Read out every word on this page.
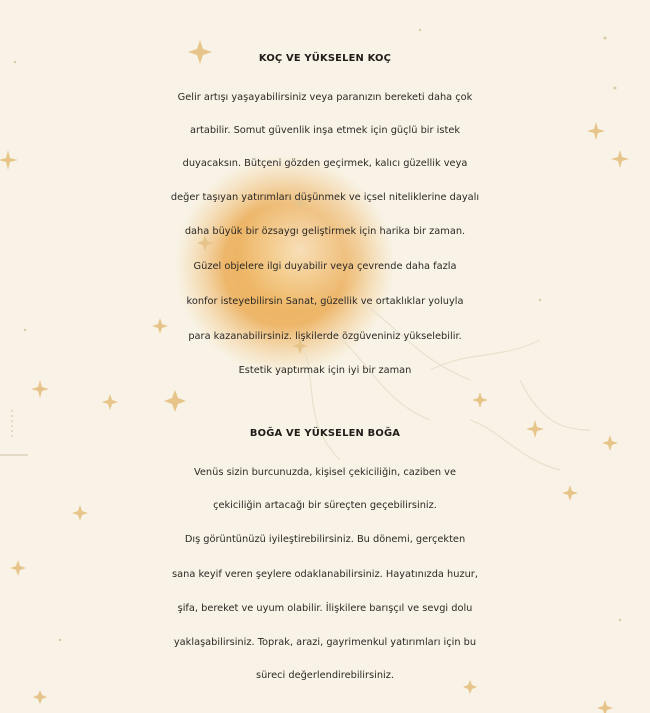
KOÇ VE YÜKSELEN KOÇ
Gelir artışı yaşayabilirsiniz veya paranızın bereketi daha çok
artabilir. Somut güvenlik inşa etmek için güçlü bir istek
duyacaksın. Bütçeni gözden geçirmek, kalıcı güzellik veya
değer taşıyan yatırımları düşünmek ve içsel niteliklerine dayalı
daha büyük bir özsaygı geliştirmek için harika bir zaman.
Güzel objelere ilgi duyabilir veya çevrende daha fazla
konfor isteyebilirsin Sanat, güzellik ve ortaklıklar yoluyla
para kazanabilirsiniz. lişkilerde özgüveniniz yükselebilir.
Estetik yaptırmak için iyi bir zaman
BOĞA VE YÜKSELEN BOĞA
Venüs sizin burcunuzda, kişisel çekiciliğin, caziben ve
çekiciliğin artacağı bir süreçten geçebilirsiniz.
Dış görüntünüzü iyileştirebilirsiniz. Bu dönemi, gerçekten
sana keyif veren şeylere odaklanabilirsiniz. Hayatınızda huzur,
şifa, bereket ve uyum olabilir. İlişkilere barışçıl ve sevgi dolu
yaklaşabilirsiniz. Toprak, arazi, gayrimenkul yatırımları için bu
süreci değerlendirebilirsiniz.
